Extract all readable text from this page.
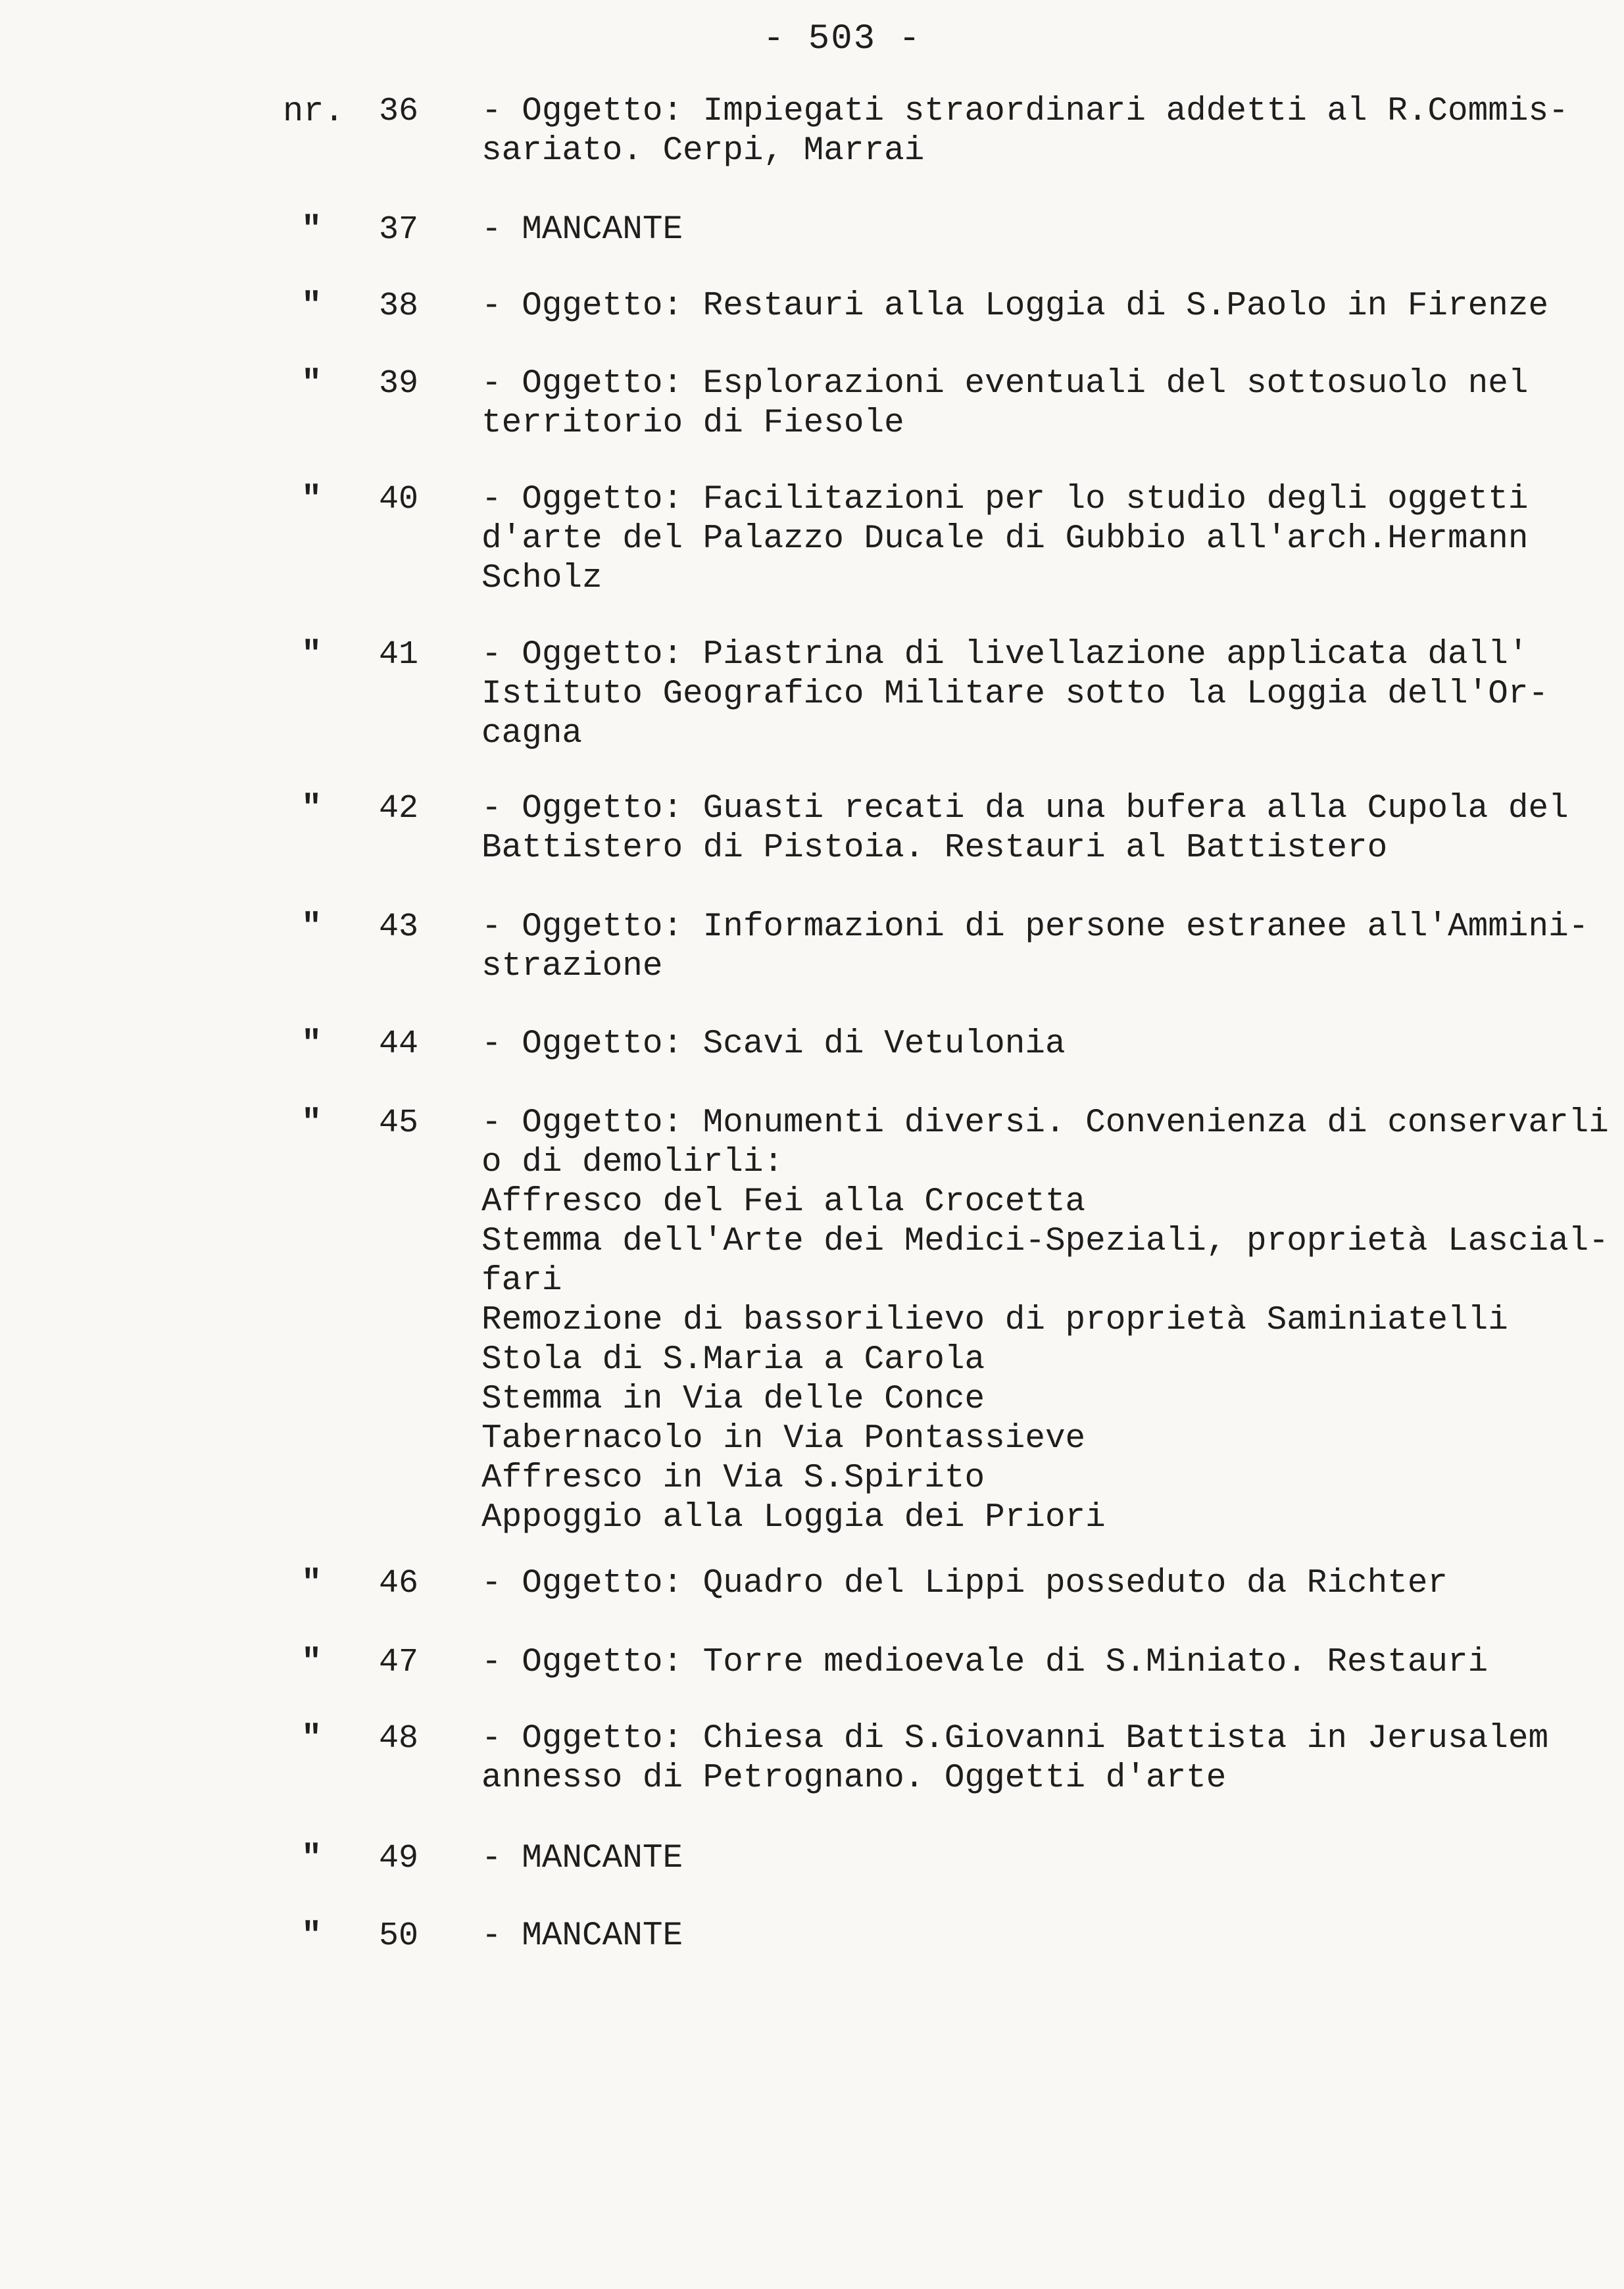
- 503 -
nr. 36 - Oggetto: Impiegati straordinari addetti al R.Commis-
sariato. Cerpi, Marrai
" 37 - MANCANTE
" 38 - Oggetto: Restauri alla Loggia di S.Paolo in Firenze
" 39 - Oggetto: Esplorazioni eventuali del sottosuolo nel
territorio di Fiesole
" 40 - Oggetto: Facilitazioni per lo studio degli oggetti
d'arte del Palazzo Ducale di Gubbio all'arch.Hermann
Scholz
" 41 - Oggetto: Piastrina di livellazione applicata dall'
Istituto Geografico Militare sotto la Loggia dell'Or-
cagna
" 42 - Oggetto: Guasti recati da una bufera alla Cupola del
Battistero di Pistoia. Restauri al Battistero
" 43 - Oggetto: Informazioni di persone estranee all'Ammini-
strazione
" 44 - Oggetto: Scavi di Vetulonia
" 45 - Oggetto: Monumenti diversi. Convenienza di conservarli
o di demolirli:
Affresco del Fei alla Crocetta
Stemma dell'Arte dei Medici-Speziali, proprietà Lascial-
fari
Remozione di bassorilievo di proprietà Saminiatelli
Stola di S.Maria a Carola
Stemma in Via delle Conce
Tabernacolo in Via Pontassieve
Affresco in Via S.Spirito
Appoggio alla Loggia dei Priori
" 46 - Oggetto: Quadro del Lippi posseduto da Richter
" 47 - Oggetto: Torre medioevale di S.Miniato. Restauri
" 48 - Oggetto: Chiesa di S.Giovanni Battista in Jerusalem
annesso di Petrognano. Oggetti d'arte
" 49 - MANCANTE
" 50 - MANCANTE
